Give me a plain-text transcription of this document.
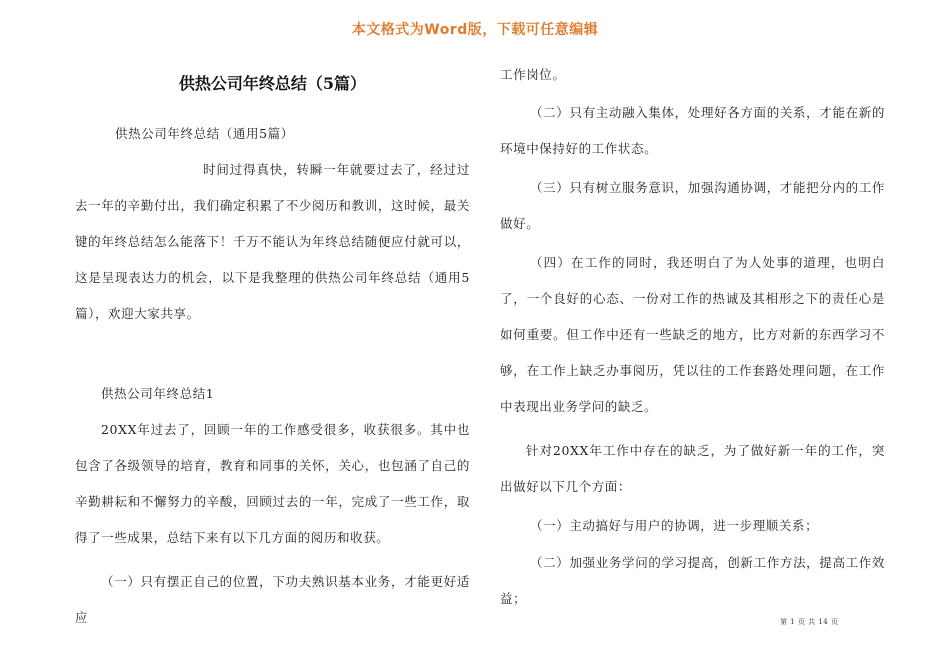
本文格式为Word版，下载可任意编辑
供热公司年终总结（5篇）

供热公司年终总结（通用5篇）

时间过得真快，转瞬一年就要过去了，经过过去一年的辛勤付出，我们确定积累了不少阅历和教训，这时候，最关键的年终总结怎么能落下！千万不能认为年终总结随便应付就可以，这是呈现表达力的机会，以下是我整理的供热公司年终总结（通用5篇），欢迎大家共享。

供热公司年终总结1

20XX年过去了，回顾一年的工作感受很多，收获很多。其中也包含了各级领导的培育，教育和同事的关怀，关心，也包涵了自己的辛勤耕耘和不懈努力的辛酸，回顾过去的一年，完成了一些工作，取得了一些成果，总结下来有以下几方面的阅历和收获。

（一）只有摆正自己的位置，下功夫熟识基本业务，才能更好适应

工作岗位。

（二）只有主动融入集体，处理好各方面的关系，才能在新的环境中保持好的工作状态。

（三）只有树立服务意识，加强沟通协调，才能把分内的工作做好。

（四）在工作的同时，我还明白了为人处事的道理，也明白了，一个良好的心态、一份对工作的热诚及其相形之下的责任心是如何重要。但工作中还有一些缺乏的地方，比方对新的东西学习不够，在工作上缺乏办事阅历，凭以往的工作套路处理问题，在工作中表现出业务学问的缺乏。

针对20XX年工作中存在的缺乏，为了做好新一年的工作，突出做好以下几个方面：

（一）主动搞好与用户的协调，进一步理顺关系；

（二）加强业务学问的学习提高，创新工作方法，提高工作效益；

第 1 页 共 14 页
